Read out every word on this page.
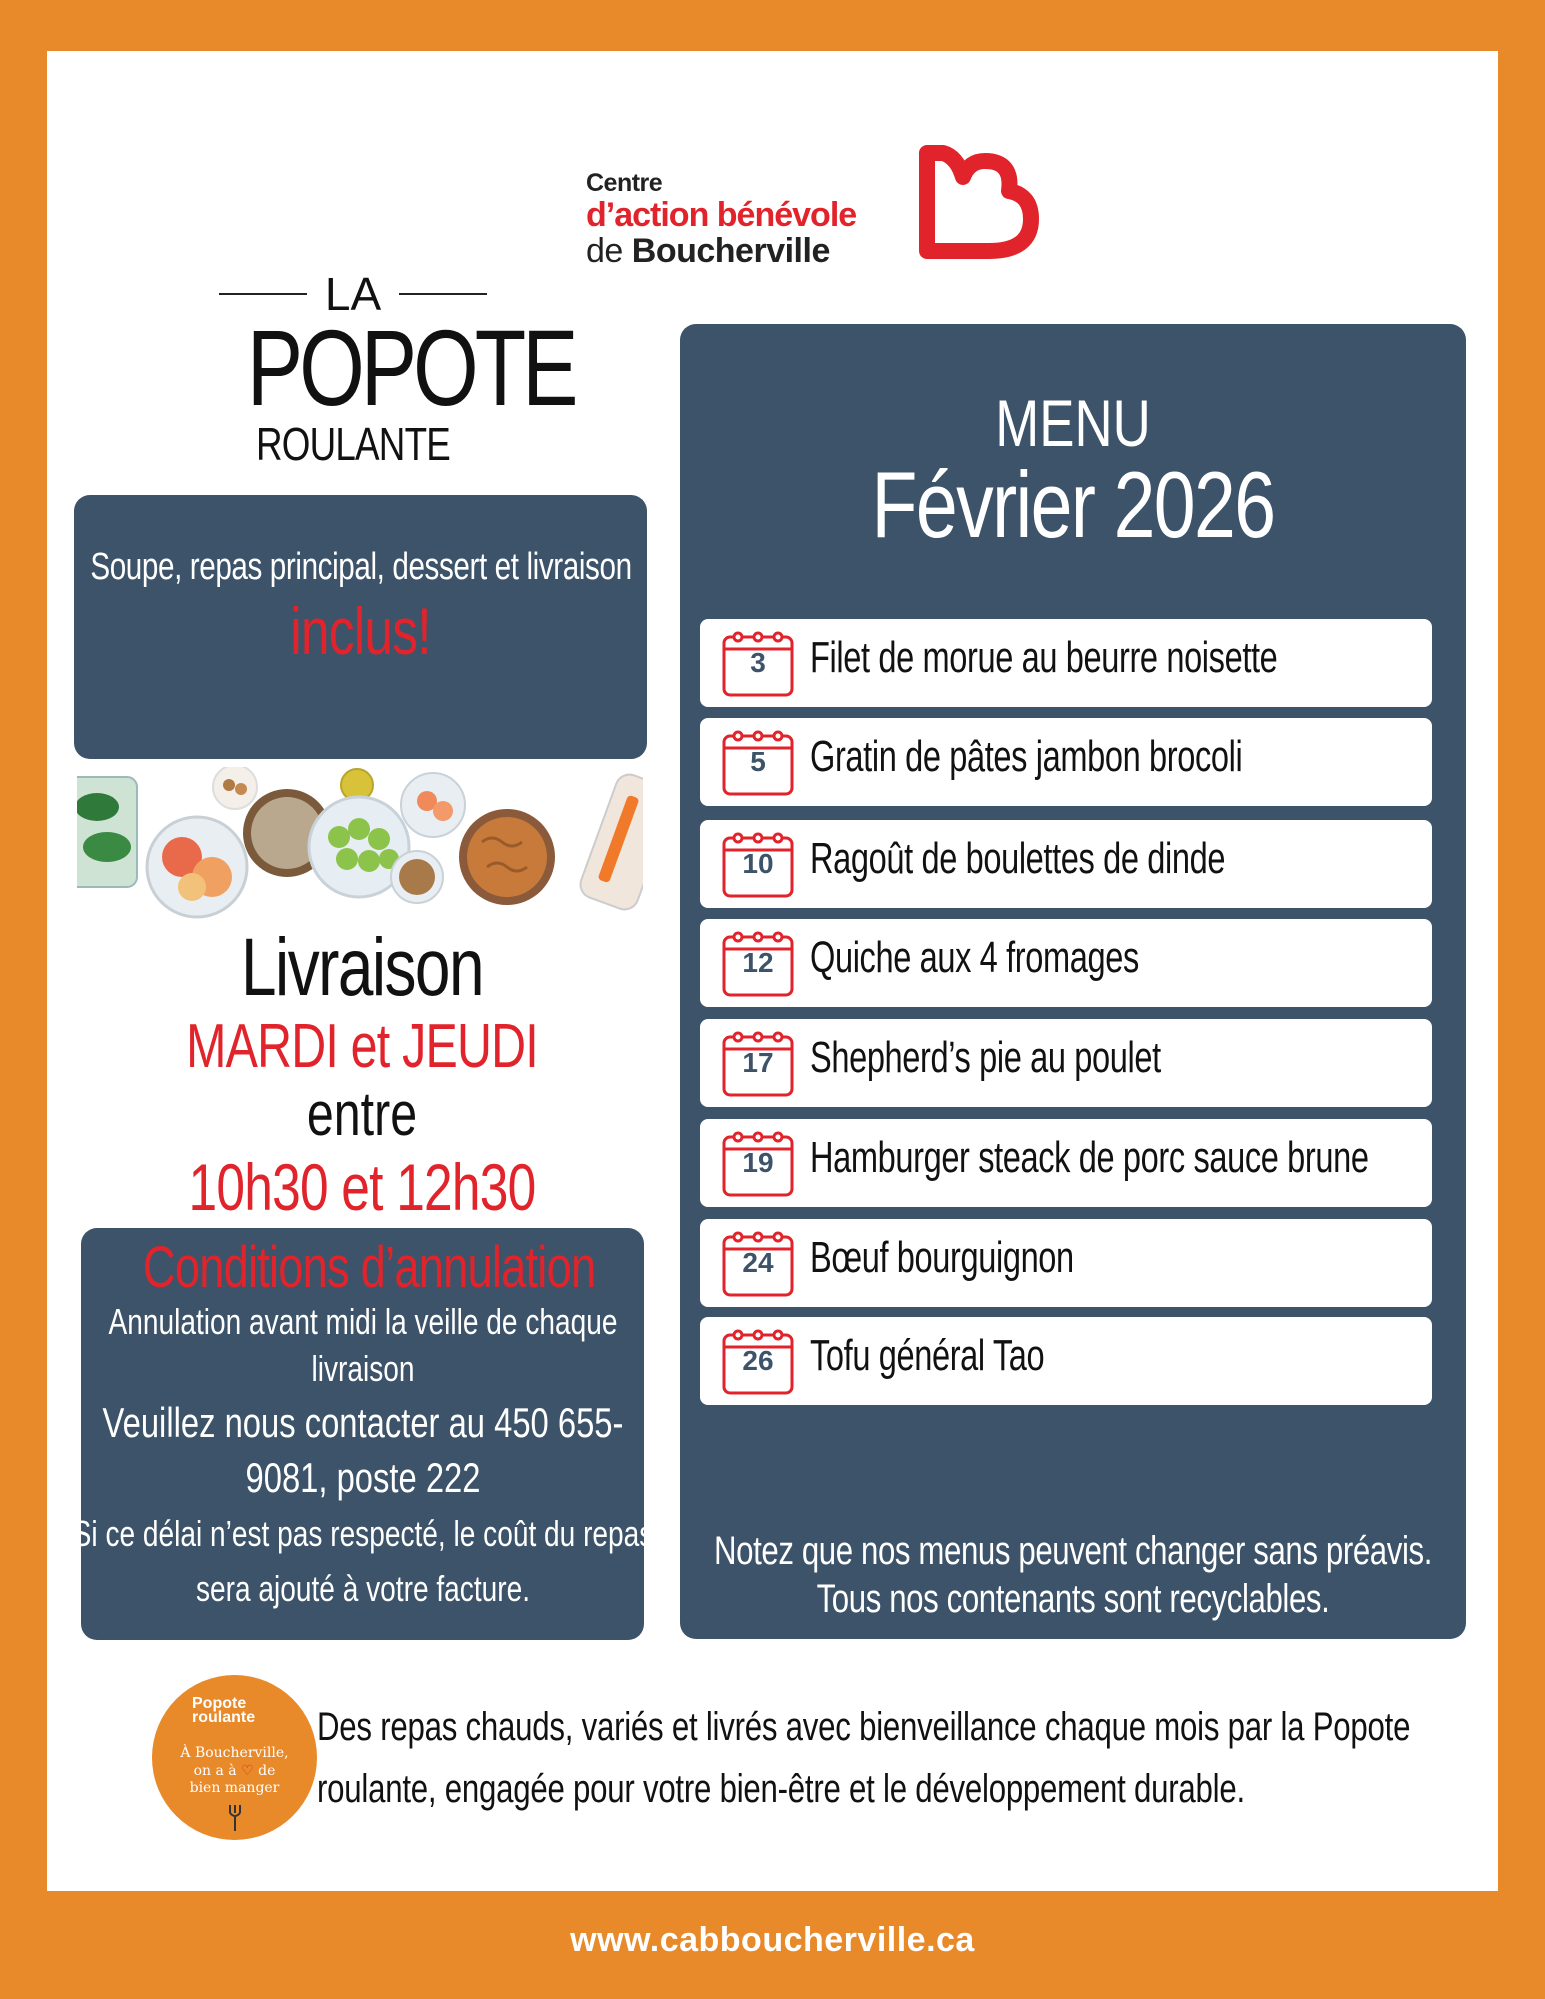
Centre
d’action bénévole
de Boucherville
LA
POPOTE
ROULANTE
Soupe, repas principal, dessert et livraison
inclus!
Livraison
MARDI et JEUDI
entre
10h30 et 12h30
Conditions d’annulation
Annulation avant midi la veille de chaque livraison
Veuillez nous contacter au 450 655-9081, poste 222
Si ce délai n’est pas respecté, le coût du repas sera ajouté à votre facture.
MENU
Février 2026
3	Filet de morue au beurre noisette
5	Gratin de pâtes jambon brocoli
10 Ragoût de boulettes de dinde
12 Quiche aux 4 fromages
17 Shepherd’s pie au poulet
19 Hamburger steack de porc sauce brune
24 Bœuf bourguignon
26 Tofu général Tao
Notez que nos menus peuvent changer sans préavis.
Tous nos contenants sont recyclables.
Popote
roulante
À Boucherville,
on a à ♡ de
bien manger
Des repas chauds, variés et livrés avec bienveillance chaque mois par la Popote
roulante, engagée pour votre bien-être et le développement durable.
www.cabboucherville.ca
